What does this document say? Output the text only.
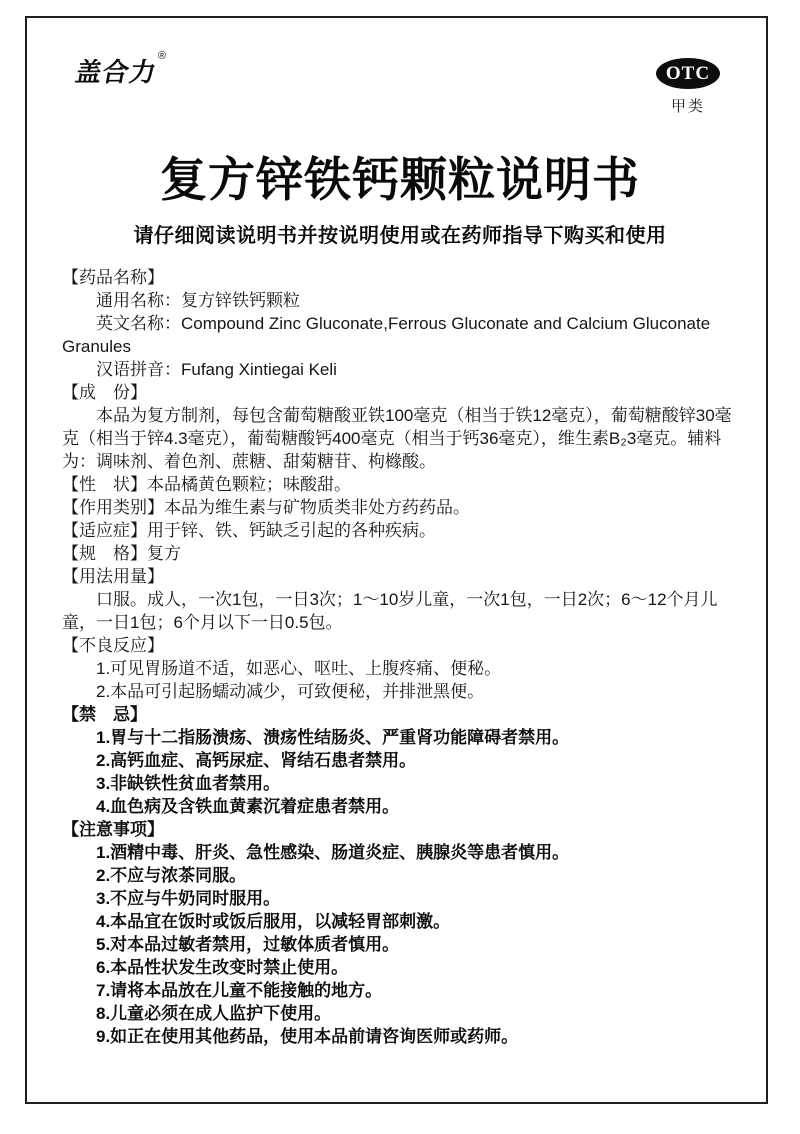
盖合力®
OTC
甲类
复方锌铁钙颗粒说明书
请仔细阅读说明书并按说明使用或在药师指导下购买和使用

【药品名称】

通用名称：复方锌铁钙颗粒

英文名称：Compound Zinc Gluconate,Ferrous Gluconate and Calcium Gluconate Granules

汉语拼音：Fufang Xintiegai Keli

【成　份】

本品为复方制剂，每包含葡萄糖酸亚铁100毫克（相当于铁12毫克），葡萄糖酸锌30毫克（相当于锌4.3毫克），葡萄糖酸钙400毫克（相当于钙36毫克），维生素B₂3毫克。辅料为：调味剂、着色剂、蔗糖、甜菊糖苷、枸橼酸。

【性　状】本品橘黄色颗粒；味酸甜。

【作用类别】本品为维生素与矿物质类非处方药药品。

【适应症】用于锌、铁、钙缺乏引起的各种疾病。

【规　格】复方

【用法用量】

口服。成人，一次1包，一日3次；1～10岁儿童，一次1包，一日2次；6～12个月儿童，一日1包；6个月以下一日0.5包。

【不良反应】

1.可见胃肠道不适，如恶心、呕吐、上腹疼痛、便秘。

2.本品可引起肠蠕动减少，可致便秘，并排泄黑便。

【禁　忌】

1.胃与十二指肠溃疡、溃疡性结肠炎、严重肾功能障碍者禁用。

2.高钙血症、高钙尿症、肾结石患者禁用。

3.非缺铁性贫血者禁用。

4.血色病及含铁血黄素沉着症患者禁用。

【注意事项】

1.酒精中毒、肝炎、急性感染、肠道炎症、胰腺炎等患者慎用。

2.不应与浓茶同服。

3.不应与牛奶同时服用。

4.本品宜在饭时或饭后服用，以减轻胃部刺激。

5.对本品过敏者禁用，过敏体质者慎用。

6.本品性状发生改变时禁止使用。

7.请将本品放在儿童不能接触的地方。

8.儿童必须在成人监护下使用。

9.如正在使用其他药品，使用本品前请咨询医师或药师。
